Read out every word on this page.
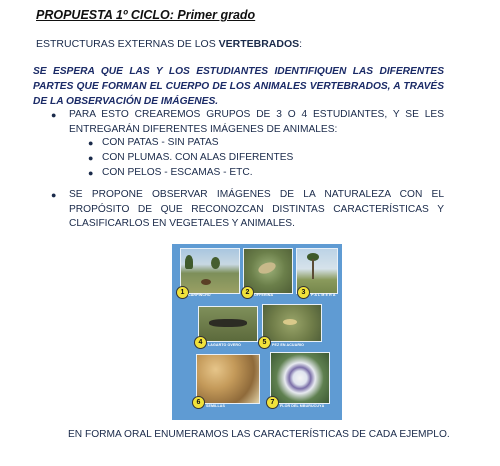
PROPUESTA 1º CICLO: Primer grado
ESTRUCTURAS EXTERNAS DE LOS VERTEBRADOS:
SE ESPERA QUE LAS Y LOS ESTUDIANTES IDENTIFIQUEN LAS DIFERENTES PARTES QUE FORMAN EL CUERPO DE LOS ANIMALES VERTEBRADOS, A TRAVÉS DE LA OBSERVACIÓN DE IMÁGENES.
●	PARA ESTO CREAREMOS GRUPOS DE 3 O 4 ESTUDIANTES, Y SE LES ENTREGARÁN DIFERENTES IMÁGENES DE ANIMALES:
● CON PATAS - SIN PATAS
● CON PLUMAS. CON ALAS DIFERENTES
● CON PELOS - ESCAMAS - ETC.
●	SE PROPONE OBSERVAR IMÁGENES DE LA NATURALEZA CON EL PROPÓSITO DE QUE RECONOZCAN DISTINTAS CARACTERÍSTICAS Y CLASIFICARLOS EN VEGETALES Y ANIMALES.
1 CARPINCHO	2	OFFERINA	3	P A L M E R A
4	LAGARTO OVERO	5	PEZ EN ACUARIO
6	SEMILLAS	7	FLOR DEL MBURUCUYÁ
EN FORMA ORAL ENUMERAMOS LAS CARACTERÍSTICAS DE CADA EJEMPLO.
